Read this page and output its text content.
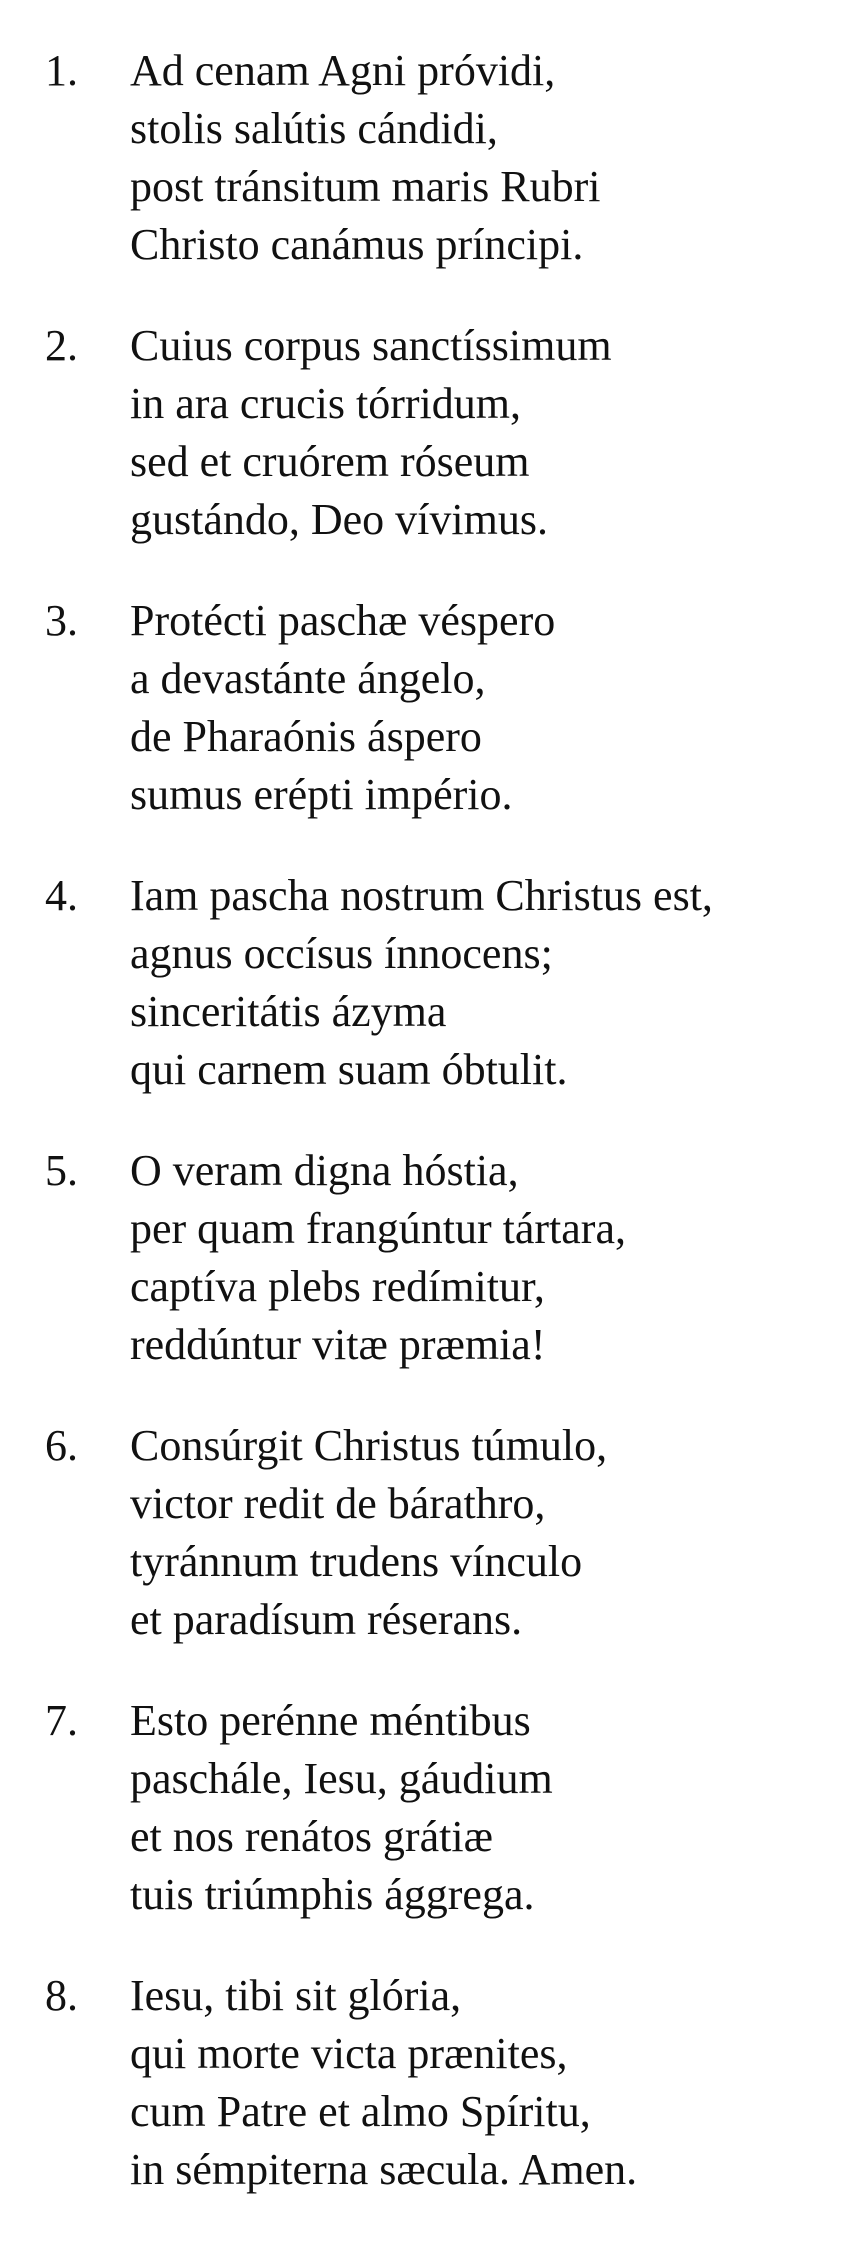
1. Ad cenam Agni próvidi,
stolis salútis cándidi,
post tránsitum maris Rubri
Christo canámus príncipi.
2. Cuius corpus sanctíssimum
in ara crucis tórridum,
sed et cruórem róseum
gustándo, Deo vívimus.
3. Protécti paschæ véspero
a devastánte ángelo,
de Pharaónis áspero
sumus erépti império.
4. Iam pascha nostrum Christus est,
agnus occísus ínnocens;
sinceritátis ázyma
qui carnem suam óbtulit.
5. O veram digna hóstia,
per quam frangúntur tártara,
captíva plebs redímitur,
reddúntur vitæ præmia!
6. Consúrgit Christus túmulo,
victor redit de bárathro,
tyránnum trudens vínculo
et paradísum réserans.
7. Esto perénne méntibus
paschále, Iesu, gáudium
et nos renátos grátiæ
tuis triúmphis ággrega.
8. Iesu, tibi sit glória,
qui morte victa prænites,
cum Patre et almo Spíritu,
in sémpiterna sæcula. Amen.
